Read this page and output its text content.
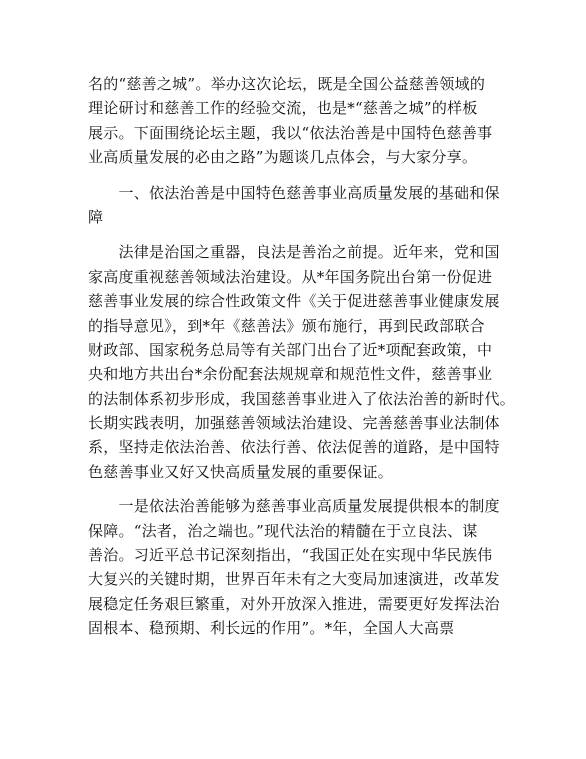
名的“慈善之城”。举办这次论坛，既是全国公益慈善领域的
理论研讨和慈善工作的经验交流，也是*“慈善之城”的样板
展示。下面围绕论坛主题，我以“依法治善是中国特色慈善事
业高质量发展的必由之路”为题谈几点体会，与大家分享。
　　一、依法治善是中国特色慈善事业高质量发展的基础和保
障
　　法律是治国之重器，良法是善治之前提。近年来，党和国
家高度重视慈善领域法治建设。从*年国务院出台第一份促进
慈善事业发展的综合性政策文件《关于促进慈善事业健康发展
的指导意见》，到*年《慈善法》颁布施行，再到民政部联合
财政部、国家税务总局等有关部门出台了近*项配套政策，中
央和地方共出台*余份配套法规规章和规范性文件，慈善事业
的法制体系初步形成，我国慈善事业进入了依法治善的新时代。
长期实践表明，加强慈善领域法治建设、完善慈善事业法制体
系，坚持走依法治善、依法行善、依法促善的道路，是中国特
色慈善事业又好又快高质量发展的重要保证。
　　一是依法治善能够为慈善事业高质量发展提供根本的制度
保障。“法者，治之端也。”现代法治的精髓在于立良法、谋
善治。习近平总书记深刻指出，“我国正处在实现中华民族伟
大复兴的关键时期，世界百年未有之大变局加速演进，改革发
展稳定任务艰巨繁重，对外开放深入推进，需要更好发挥法治
固根本、稳预期、利长远的作用”。*年，全国人大高票
